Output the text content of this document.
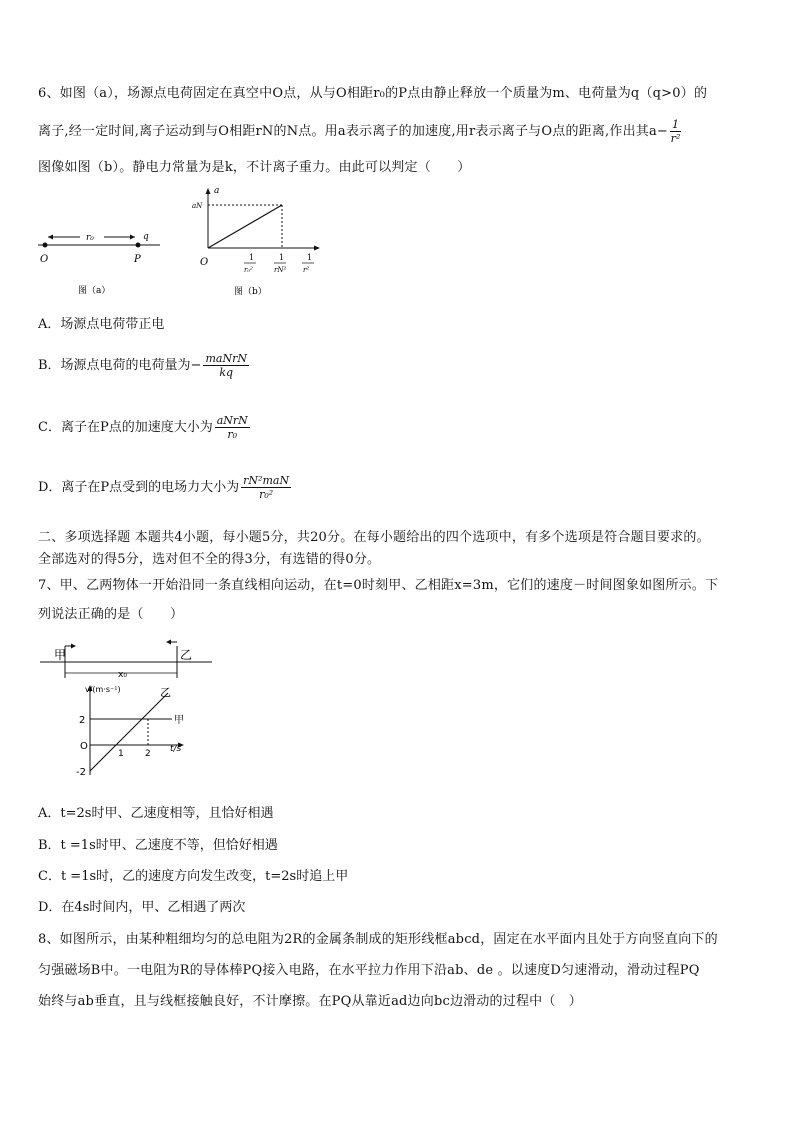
6、如图（a），场源点电荷固定在真空中O点，从与O相距r₀的P点由静止释放一个质量为m、电荷量为q（q>0）的
离子,经一定时间,离子运动到与O相距rN的N点。用a表示离子的加速度,用r表示离子与O点的距离,作出其$a- \frac{1}{\text{r²}}$
图像如图（b）。静电力常量为是k，不计离子重力。由此可以判定（　　）
r₀	q
O	P
图（a）
a
aN
O	1
r₀²
1
rN²
1
r²
图（b）
A．场源点电荷带正电
B．场源点电荷的电荷量为− $\frac{\text{maNrN}}{kq}$
C．离子在P点的加速度大小为 $\frac{\text{aNrN}}{\text{r₀}}$
D．离子在P点受到的电场力大小为 $\frac{\text{rN²maN}}{\text{r₀²}}$
二、多项选择题 本题共4小题，每小题5分，共20分。在每小题给出的四个选项中，有多个选项是符合题目要求的。
全部选对的得5分，选对但不全的得3分，有选错的得0分。
7、甲、乙两物体一开始沿同一条直线相向运动，在t=0时刻甲、乙相距x=3m，它们的速度－时间图象如图所示。下
列说法正确的是（　　）
甲	乙
x₀
v/(m·s⁻¹)
t/s
乙
甲
2
O
-2
1 2
A．t=2s时甲、乙速度相等，且恰好相遇
B．t =1s时甲、乙速度不等，但恰好相遇
C．t =1s时，乙的速度方向发生改变，t=2s时追上甲
D．在4s时间内，甲、乙相遇了两次
8、如图所示，由某种粗细均匀的总电阻为2R的金属条制成的矩形线框abcd，固定在水平面内且处于方向竖直向下的
匀强磁场B中。一电阻为R的导体棒PQ接入电路，在水平拉力作用下沿ab、de 。以速度D匀速滑动，滑动过程PQ
始终与ab垂直，且与线框接触良好，不计摩擦。在PQ从靠近ad边向bc边滑动的过程中（　）
